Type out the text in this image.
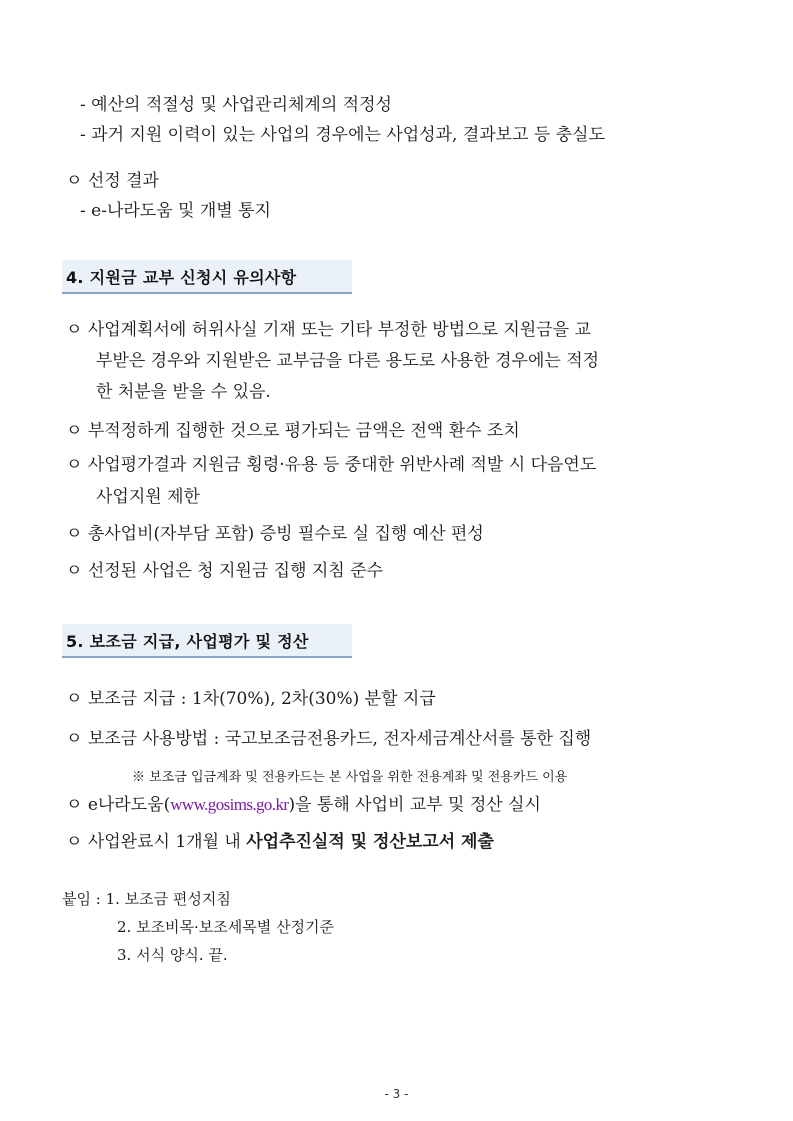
- 예산의 적절성 및 사업관리체계의 적정성
- 과거 지원 이력이 있는 사업의 경우에는 사업성과, 결과보고 등 충실도
ㅇ 선정 결과
- e-나라도움 및 개별 통지
4. 지원금 교부 신청시 유의사항
ㅇ 사업계획서에 허위사실 기재 또는 기타 부정한 방법으로 지원금을 교
부받은 경우와 지원받은 교부금을 다른 용도로 사용한 경우에는 적정
한 처분을 받을 수 있음.
ㅇ 부적정하게 집행한 것으로 평가되는 금액은 전액 환수 조치
ㅇ 사업평가결과 지원금 횡령·유용 등 중대한 위반사례 적발 시 다음연도
사업지원 제한
ㅇ 총사업비(자부담 포함) 증빙 필수로 실 집행 예산 편성
ㅇ 선정된 사업은 청 지원금 집행 지침 준수
5. 보조금 지급, 사업평가 및 정산
ㅇ 보조금 지급 : 1차(70%), 2차(30%) 분할 지급
ㅇ 보조금 사용방법 : 국고보조금전용카드, 전자세금계산서를 통한 집행
※ 보조금 입금계좌 및 전용카드는 본 사업을 위한 전용계좌 및 전용카드 이용
ㅇ e나라도움(www.gosims.go.kr)을 통해 사업비 교부 및 정산 실시
ㅇ 사업완료시 1개월 내 사업추진실적 및 정산보고서 제출
붙임 : 1. 보조금 편성지침
2. 보조비목·보조세목별 산정기준
3. 서식 양식. 끝.
- 3 -
